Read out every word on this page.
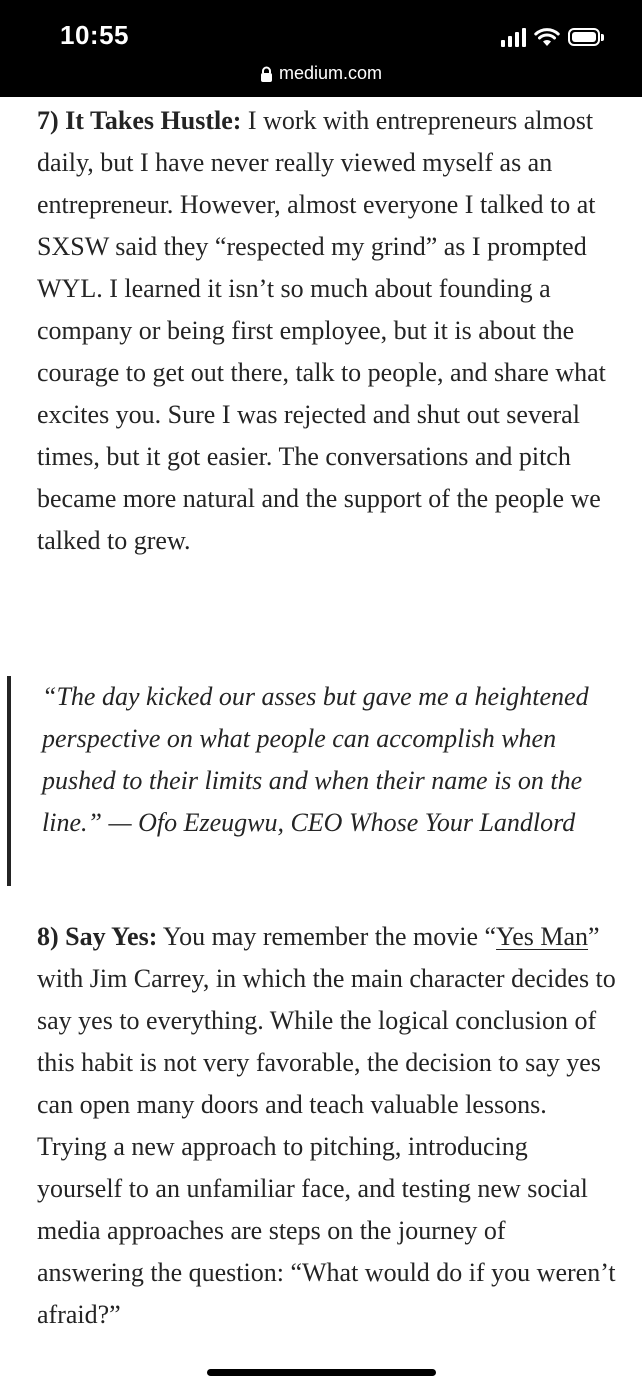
10:55
medium.com

7) It Takes Hustle: I work with entrepreneurs almost daily, but I have never really viewed myself as an entrepreneur. However, almost everyone I talked to at SXSW said they “respected my grind” as I prompted WYL. I learned it isn’t so much about founding a company or being first employee, but it is about the courage to get out there, talk to people, and share what excites you. Sure I was rejected and shut out several times, but it got easier. The conversations and pitch became more natural and the support of the people we talked to grew.

8) Say Yes: You may remember the movie “Yes Man” with Jim Carrey, in which the main character decides to say yes to everything. While the logical conclusion of this habit is not very favorable, the decision to say yes can open many doors and teach valuable lessons. Trying a new approach to pitching, introducing yourself to an unfamiliar face, and testing new social media approaches are steps on the journey of answering the question: “What would do if you weren’t afraid?”

“The day kicked our asses but gave me a heightened perspective on what people can accomplish when pushed to their limits and when their name is on the line.” — Ofo Ezeugwu, CEO Whose Your Landlord
